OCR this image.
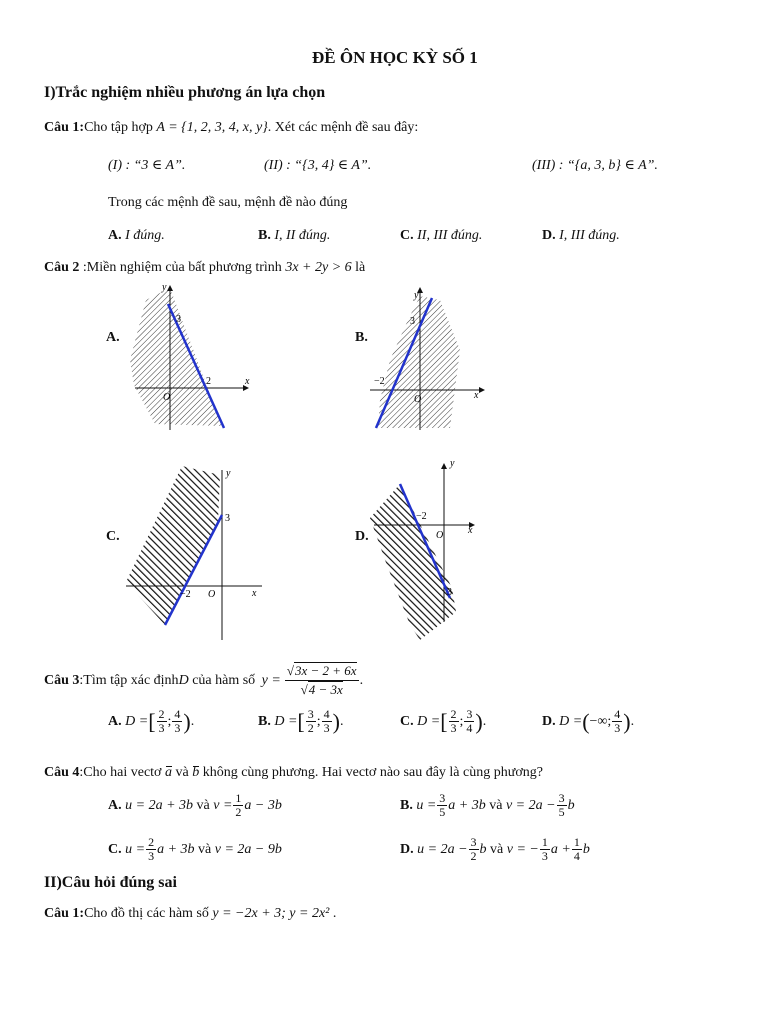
ĐỀ ÔN HỌC KỲ SỐ 1
I)Trắc nghiệm nhiều phương án lựa chọn
Câu 1:Cho tập hợp A = {1, 2, 3, 4, x, y}. Xét các mệnh đề sau đây:
(I) : “3 ∈ A”.	(II) : “{3, 4} ∈ A”.	(III) : “{a, 3, b} ∈ A”.
Trong các mệnh đề sau, mệnh đề nào đúng
A. I đúng.	B. I, II đúng.	C. II, III đúng.	D. I, III đúng.
Câu 2 :Miền nghiệm của bất phương trình 3x + 2y > 6 là
A.	B.
C.	D.
y
x
O
3
2
y
x
O
3
−2
y
x
O
3
−2
y
x
O
3
−2
Câu 3 :Tìm tập xác định D của hàm số $y = \frac{√3x - 2 + 6x}{√4 - 3x}$ .
A.
D = [ $\frac{2}{3}$ ; $\frac{4}{3}$ ) .	B.
D = [ $\frac{3}{2}$ ; $\frac{4}{3}$ ) .	C.
D = [ $\frac{2}{3}$ ; $\frac{3}{4}$ ) .	D.
D = ( −∞; $\frac{4}{3}$ ) .
Câu 4:Cho hai vectơ a và b không cùng phương. Hai vectơ nào sau đây là cùng phương?
A.
u = 2a + 3b
và
$v = \frac{1}{2}$ a − 3b	B.
$u = \frac{3}{5}$ a + 3b
và
$v = 2a - \frac{3}{5}$ b
C.
$u = \frac{2}{3}$ a + 3b
và
v = 2a − 9b	D.
$u = 2a - \frac{3}{2}$ b
và
v = − $\frac{1}{3}$ $a + \frac{1}{4}$ b
II)Câu hỏi đúng sai
Câu 1:Cho đồ thị các hàm số y = −2x + 3; y = 2x² .
